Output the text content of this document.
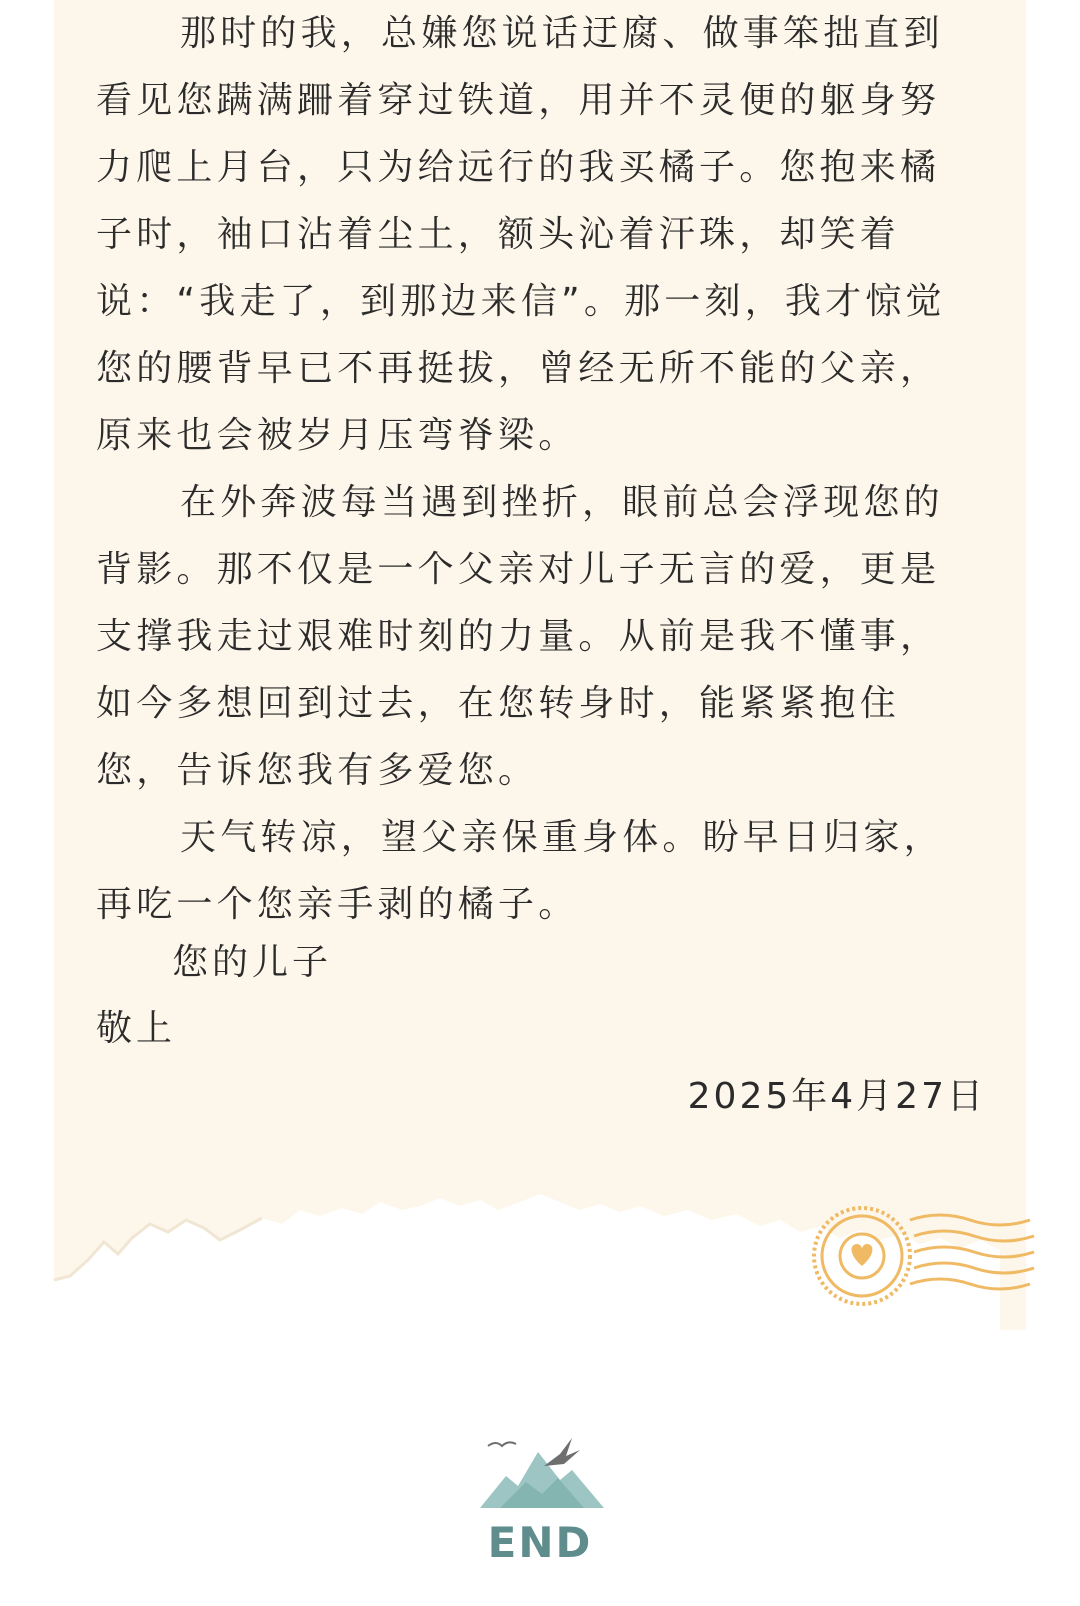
那时的我，总嫌您说话迂腐、做事笨拙直到
看见您蹒满跚着穿过铁道，用并不灵便的躯身努
力爬上月台，只为给远行的我买橘子。您抱来橘
子时，袖口沾着尘土，额头沁着汗珠，却笑着
说：“我走了，到那边来信”。那一刻，我才惊觉
您的腰背早已不再挺拔，曾经无所不能的父亲，
原来也会被岁月压弯脊梁。

在外奔波每当遇到挫折，眼前总会浮现您的
背影。那不仅是一个父亲对儿子无言的爱，更是
支撑我走过艰难时刻的力量。从前是我不懂事，
如今多想回到过去，在您转身时，能紧紧抱住
您，告诉您我有多爱您。

天气转凉，望父亲保重身体。盼早日归家，
再吃一个您亲手剥的橘子。

您的儿子
敬上
2025年4月27日
END
